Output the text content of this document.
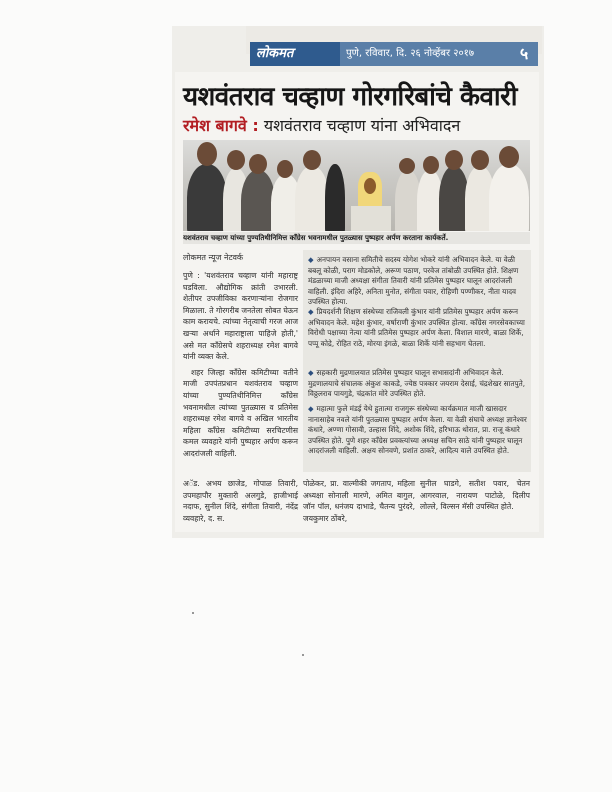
लोकमत	पुणे, रविवार, दि. २६ नोव्हेंबर २०१७	५
यशवंतराव चव्हाण गोरगरिबांचे कैवारी
रमेश बागवे : यशवंतराव चव्हाण यांना अभिवादन
यशवंतराव चव्हाण यांच्या पुण्यतिथीनिमित्त काँग्रेस भवनामधील पुतळ्यास पुष्पहार अर्पण करताना कार्यकर्ते.
लोकमत न्यूज नेटवर्क

पुणे : 'यशवंतराव चव्हाण यांनी महाराष्ट्र घडविला. औद्योगिक क्रांती उभारली. शेतीपर उपजीविका करणाऱ्यांना रोजगार मिळाला. ते गोरगरीब जनतेला सोबत घेऊन काम करायचे. त्यांच्या नेतृत्वाची गरज आज खऱ्या अर्थाने महाराष्ट्राला पाहिजे होती,' असे मत काँग्रेसचे शहराध्यक्ष रमेश बागवे यांनी व्यक्त केले.

शहर जिल्हा काँग्रेस कमिटीच्या वतीने माजी उपपंतप्रधान यशवंतराव चव्हाण यांच्या पुण्यतिथीनिमित्त काँग्रेस भवनामधील त्यांच्या पुतळ्यास व प्रतिमेस शहराध्यक्ष रमेश बागवे व अखिल भारतीय महिला काँग्रेस कमिटीच्या सरचिटणीस कमल व्यवहारे यांनी पुष्पहार अर्पण करून आदरांजली वाहिली.

◆ अनपायन वसाना समितीचे सदस्य योगेश भोकरे यांनी अभिवादन केले. या वेळी बबलू कोळी, पराग मोडकोले, अरूण पठाण, परवेज तांबोळी उपस्थित होते. शिक्षण मंडळाच्या माजी अध्यक्षा संगीता तिवारी यांनी प्रतिमेस पुष्पहार घालून आदरांजली वाहिली. इंदिरा अहिरे, अनिता मुनोत, संगीता पवार, रोहिणी पण्णीकर, नीता यादव उपस्थित होत्या.
◆ प्रियदर्शनी शिक्षण संस्थेच्या राजिवली कुंभार यांनी प्रतिमेस पुष्पहार अर्पण करून अभिवादन केले. महेश कुंभार, वर्षाराणी कुंभार उपस्थित होत्या. काँग्रेस नगरसेवकाच्या विरोधी पक्षाच्या नेत्या यांनी प्रतिमेस पुष्पहार अर्पण केला. विशाल मारणे, बाळा शिर्के, पप्पू कोद्रे, रोहित राठे, मोरया इंगळे, बाळा शिर्के यांनी सहभाग घेतला.
◆ सहकारी मुद्रणालयात प्रतिमेस पुष्पहार घालून सभासदांनी अभिवादन केले. मुद्रणालयाचे संचालक अंकुश काकडे, ज्येष्ठ पत्रकार जयराम देसाई, चंद्रशेखर सातपुते, विठ्ठलराव पायगुडे, चंद्रकांत मोरे उपस्थित होते.
◆ महात्मा फुले मंडई येथे हुतात्मा राजगुरू संस्थेच्या कार्यक्रमात माजी खासदार नानासाहेब नवले यांनी पुतळ्यास पुष्पहार अर्पण केला. या वेळी संघाचे अध्यक्ष ज्ञानेश्वर कंधारे, अण्णा गोसावी, उल्हास शिंदे, अशोक शिंदे, हरिभाऊ थोरात, प्रा. राजू कंधारे उपस्थित होते. पुणे शहर काँग्रेस प्रवक्त्यांच्या अध्यक्ष सचिन साठे यांनी पुष्पहार घालून आदरांजली वाहिली. अक्षय सोनवणे, प्रशांत ठाकरे, आदित्य वाले उपस्थित होते.
अॅड. अभय छाजेड, गोपाळ तिवारी, उपमहापौर मुक्तारी अलगुडे, हाजीभाई नदाफ, सुनील शिंदे, संगीता तिवारी, नंदेंद्र व्यवहारे, द. स.
पोळेकर, प्रा. वाल्मीकी जगताप, महिला अध्यक्षा सोनाली मारणे, अमित बागुल, जॉन पॉल, धनंजय दाभाडे, चैतन्य पुरंदरे, जयकुमार ठोंबरे,
सुनील घाडगे, सतीश पवार, चेतन आगरवाल, नारायण पाटोळे, दिलीप लोल्ले, विल्सन मॅसी उपस्थित होते.
